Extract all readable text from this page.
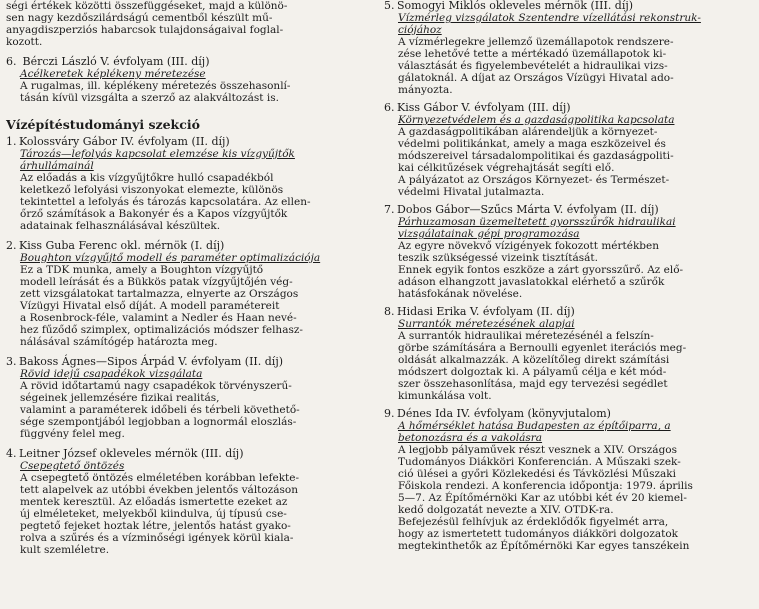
ségi értékek közötti összefüggéseket, majd a különö-
sen nagy kezdőszilárdságú cementből készült mű-
anyagdiszperziós habarcsok tulajdonságaival foglal-
kozott.
6. Bérczi László V. évfolyam (III. díj)
Acélkeretek képlékeny méretezése
A rugalmas, ill. képlékeny méretezés összehasonlí-
tásán kívül vizsgálta a szerző az alakváltozást is.
Vízépítéstudományi szekció
1. Kolossváry Gábor IV. évfolyam (II. díj)
Tározás—lefolyás kapcsolat elemzése kis vízgyűjtők
árhullámainál
Az előadás a kis vízgyűjtőkre hulló csapadékból
keletkező lefolyási viszonyokat elemezte, különös
tekintettel a lefolyás és tározás kapcsolatára. Az ellen-
őrző számítások a Bakonyér és a Kapos vízgyűjtők
adatainak felhasználásával készültek.
2. Kiss Guba Ferenc okl. mérnök (I. díj)
Boughton vízgyűjtő modell és paraméter optimalizációja
Ez a TDK munka, amely a Boughton vízgyűjtő
modell leírását és a Bükkös patak vízgyűjtőjén vég-
zett vizsgálatokat tartalmazza, elnyerte az Országos
Vízügyi Hivatal első díját. A modell paramétereit
a Rosenbrock-féle, valamint a Nedler és Haan nevé-
hez fűződő szimplex, optimalizációs módszer felhasz-
nálásával számítógép határozta meg.
3. Bakoss Ágnes—Sipos Árpád V. évfolyam (II. díj)
Rövid idejű csapadékok vizsgálata
A rövid időtartamú nagy csapadékok törvényszerű-
ségeinek jellemzésére fizikai realitás,
valamint a paraméterek időbeli és térbeli követhető-
sége szempontjából legjobban a lognormál eloszlás-
függvény felel meg.
4. Leitner József okleveles mérnök (III. díj)
Csepegtető öntözés
A csepegtető öntözés elméletében korábban lefekte-
tett alapelvek az utóbbi években jelentős változáson
mentek keresztül. Az előadás ismertette ezeket az
új elméleteket, melyekből kiindulva, új típusú cse-
pegtető fejeket hoztak létre, jelentős hatást gyako-
rolva a szűrés és a vízminőségi igények körül kiala-
kult szemléletre.
5. Somogyi Miklós okleveles mérnök (III. díj)
Vízmérleg vizsgálatok Szentendre vízellátási rekonstruk-
ciójához
A vízmérlegekre jellemző üzemállapotok rendszere-
zése lehetővé tette a mértékadó üzemállapotok ki-
választását és figyelembevételét a hidraulikai vizs-
gálatoknál. A díjat az Országos Vízügyi Hivatal ado-
mányozta.
6. Kiss Gábor V. évfolyam (III. díj)
Környezetvédelem és a gazdaságpolitika kapcsolata
A gazdaságpolitikában alárendeljük a környezet-
védelmi politikánkat, amely a maga eszközeivel és
módszereivel társadalompolitikai és gazdaságpoliti-
kai célkitűzések végrehajtását segíti elő.
A pályázatot az Országos Környezet- és Természet-
védelmi Hivatal jutalmazta.
7. Dobos Gábor—Szűcs Márta V. évfolyam (II. díj)
Párhuzamosan üzemeltetett gyorsszűrők hidraulikai
vizsgálatainak gépi programozása
Az egyre növekvő vízigények fokozott mértékben
teszik szükségessé vizeink tisztítását.
Ennek egyik fontos eszköze a zárt gyorsszűrő. Az elő-
adáson elhangzott javaslatokkal elérhető a szűrők
hatásfokának növelése.
8. Hidasi Erika V. évfolyam (II. díj)
Surrantók méretezésének alapjai
A surrantók hidraulikai méretezésénél a felszín-
görbe számítására a Bernoulli egyenlet iterációs meg-
oldását alkalmazzák. A közelítőleg direkt számítási
módszert dolgoztak ki. A pályamű célja e két mód-
szer összehasonlítása, majd egy tervezési segédlet
kimunkálása volt.
9. Dénes Ida IV. évfolyam (könyvjutalom)
A hőmérséklet hatása Budapesten az építőiparra, a
betonozásra és a vakolásra
A legjobb pályaművek részt vesznek a XIV. Országos
Tudományos Diákköri Konferencián. A Műszaki szek-
ció ülései a győri Közlekedési és Távközlési Műszaki
Főiskola rendezi. A konferencia időpontja: 1979. április
5—7. Az Építőmérnöki Kar az utóbbi két év 20 kiemel-
kedő dolgozatát nevezte a XIV. OTDK-ra.
Befejezésül felhívjuk az érdeklődők figyelmét arra,
hogy az ismertetett tudományos diákköri dolgozatok
megtekinthetők az Építőmérnöki Kar egyes tanszékein
